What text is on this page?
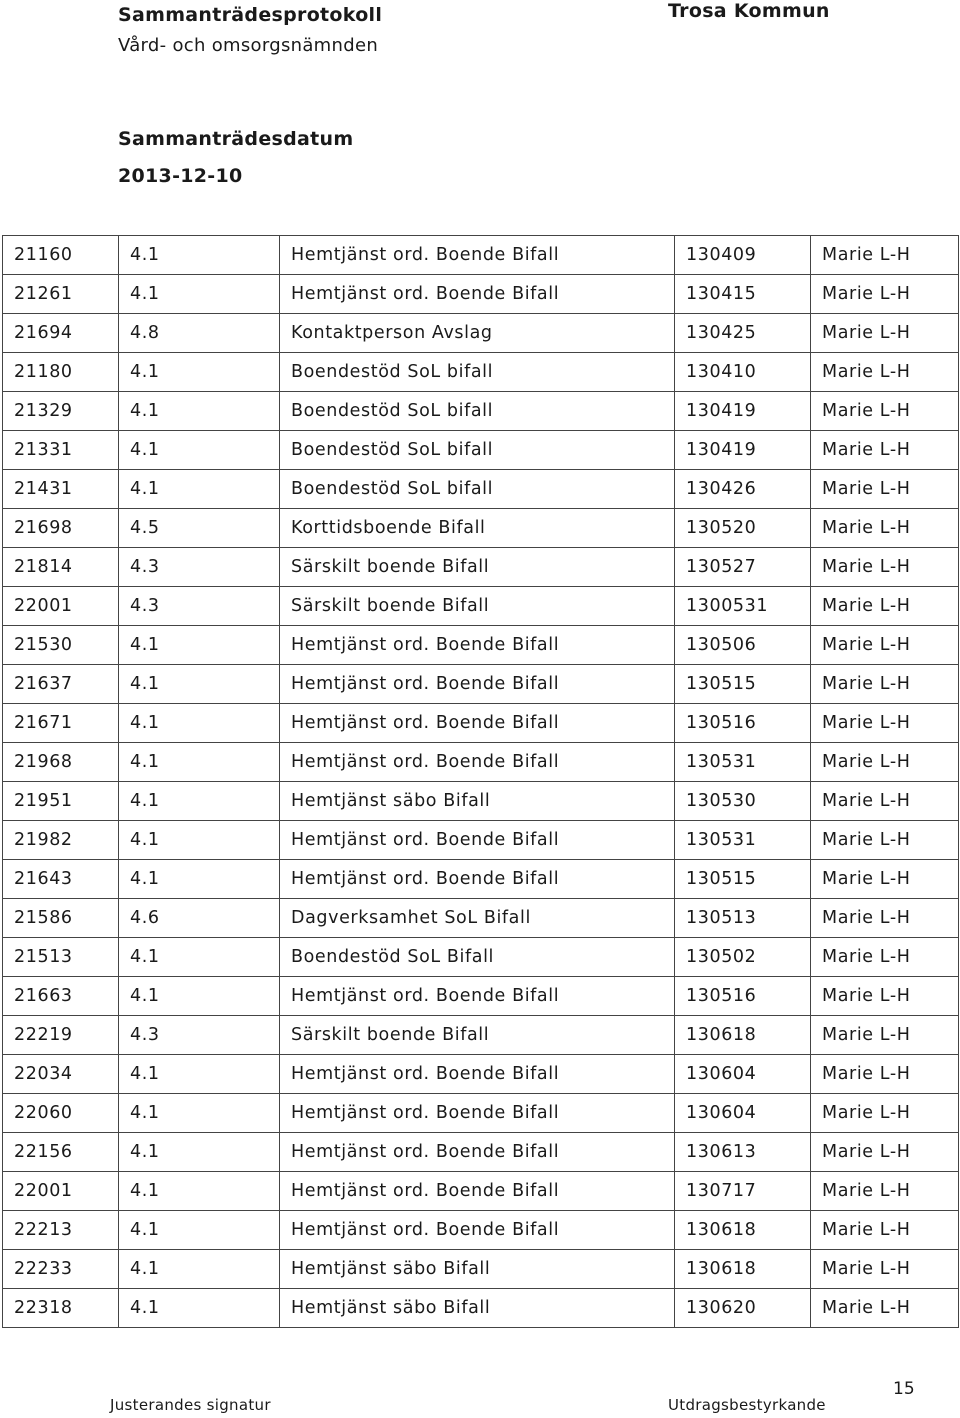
Sammanträdesprotokoll	Trosa Kommun
Vård- och omsorgsnämnden
Sammanträdesdatum
2013-12-10
21160	4.1	Hemtjänst ord. Boende Bifall	130409	Marie L-H
21261	4.1	Hemtjänst ord. Boende Bifall	130415	Marie L-H
21694	4.8	Kontaktperson Avslag	130425	Marie L-H
21180	4.1	Boendestöd SoL bifall	130410	Marie L-H
21329	4.1	Boendestöd SoL bifall	130419	Marie L-H
21331	4.1	Boendestöd SoL bifall	130419	Marie L-H
21431	4.1	Boendestöd SoL bifall	130426	Marie L-H
21698	4.5	Korttidsboende Bifall	130520	Marie L-H
21814	4.3	Särskilt boende Bifall	130527	Marie L-H
22001	4.3	Särskilt boende Bifall	1300531	Marie L-H
21530	4.1	Hemtjänst ord. Boende Bifall	130506	Marie L-H
21637	4.1	Hemtjänst ord. Boende Bifall	130515	Marie L-H
21671	4.1	Hemtjänst ord. Boende Bifall	130516	Marie L-H
21968	4.1	Hemtjänst ord. Boende Bifall	130531	Marie L-H
21951	4.1	Hemtjänst säbo Bifall	130530	Marie L-H
21982	4.1	Hemtjänst ord. Boende Bifall	130531	Marie L-H
21643	4.1	Hemtjänst ord. Boende Bifall	130515	Marie L-H
21586	4.6	Dagverksamhet SoL Bifall	130513	Marie L-H
21513	4.1	Boendestöd SoL Bifall	130502	Marie L-H
21663	4.1	Hemtjänst ord. Boende Bifall	130516	Marie L-H
22219	4.3	Särskilt boende Bifall	130618	Marie L-H
22034	4.1	Hemtjänst ord. Boende Bifall	130604	Marie L-H
22060	4.1	Hemtjänst ord. Boende Bifall	130604	Marie L-H
22156	4.1	Hemtjänst ord. Boende Bifall	130613	Marie L-H
22001	4.1	Hemtjänst ord. Boende Bifall	130717	Marie L-H
22213	4.1	Hemtjänst ord. Boende Bifall	130618	Marie L-H
22233	4.1	Hemtjänst säbo Bifall	130618	Marie L-H
22318	4.1	Hemtjänst säbo Bifall	130620	Marie L-H
Justerandes signatur	Utdragsbestyrkande
15
